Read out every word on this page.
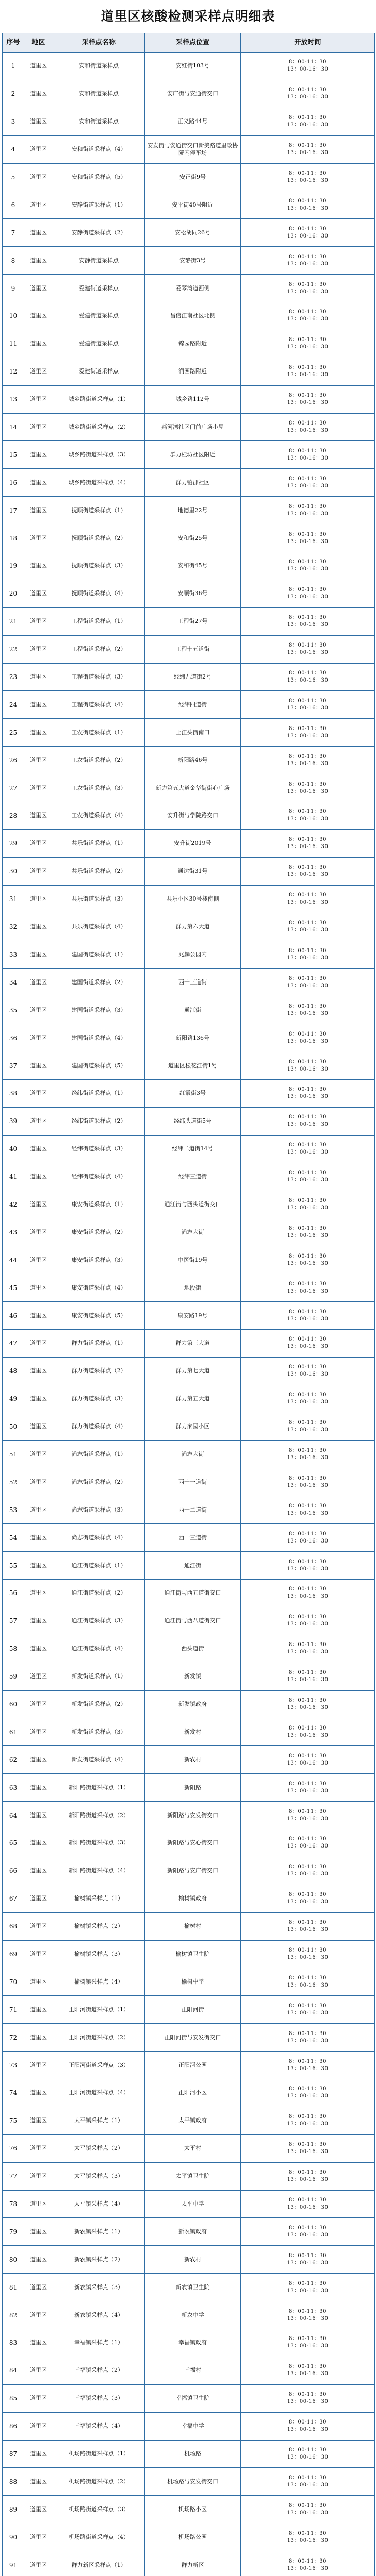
道里区核酸检测采样点明细表
序号	地区	采样点名称	采样点位置	开放时间
1	道里区	安和街道采样点	安红街103号	8：00-11：30
13：00-16：30

2	道里区	安和街道采样点	安广街与安通街交口	8：00-11：30
13：00-16：30

3	道里区	安和街道采样点	正义路44号	8：00-11：30
13：00-16：30

4	道里区	安和街道采样点（4）	安发街与安通街交口新美路道里政协院内停车场	8：00-11：30
13：00-16：30

5	道里区	安和街道采样点（5）	安正街9号	8：00-11：30
13：00-16：30

6	道里区	安静街道采样点（1）	安平街40号附近	8：00-11：30
13：00-16：30

7	道里区	安静街道采样点（2）	安松胡同26号	8：00-11：30
13：00-16：30

8	道里区	安静街道采样点	安静街3号	8：00-11：30
13：00-16：30

9	道里区	爱建街道采样点	爱琴湾道西侧	8：00-11：30
13：00-16：30

10	道里区	爱建街道采样点	昌信江南社区北侧	8：00-11：30
13：00-16：30

11	道里区	爱建街道采样点	锦园路附近	8：00-11：30
13：00-16：30

12	道里区	爱建街道采样点	润园路附近	8：00-11：30
13：00-16：30

13	道里区	城乡路街道采样点（1）	城乡路112号	8：00-11：30
13：00-16：30

14	道里区	城乡路街道采样点（2）	燕河湾社区门前广场小屋	8：00-11：30
13：00-16：30

15	道里区	城乡路街道采样点（3）	群力桂坊社区附近	8：00-11：30
13：00-16：30

16	道里区	城乡路街道采样点（4）	群力铂郡社区	8：00-11：30
13：00-16：30

17	道里区	抚顺街道采样点（1）	地德里22号	8：00-11：30
13：00-16：30

18	道里区	抚顺街道采样点（2）	安和街25号	8：00-11：30
13：00-16：30

19	道里区	抚顺街道采样点（3）	安和街45号	8：00-11：30
13：00-16：30

20	道里区	抚顺街道采样点（4）	安顺街36号	8：00-11：30
13：00-16：30

21	道里区	工程街道采样点（1）	工程街27号	8：00-11：30
13：00-16：30

22	道里区	工程街道采样点（2）	工程十五道街	8：00-11：30
13：00-16：30

23	道里区	工程街道采样点（3）	经纬九道街2号	8：00-11：30
13：00-16：30

24	道里区	工程街道采样点（4）	经纬四道街	8：00-11：30
13：00-16：30

25	道里区	工农街道采样点（1）	上江头街南口	8：00-11：30
13：00-16：30

26	道里区	工农街道采样点（2）	新阳路46号	8：00-11：30
13：00-16：30

27	道里区	工农街道采样点（3）	新力第五大道金华街街心广场	8：00-11：30
13：00-16：30

28	道里区	工农街道采样点（4）	安升街与学院路交口	8：00-11：30
13：00-16：30

29	道里区	共乐街道采样点（1）	安升街2019号	8：00-11：30
13：00-16：30

30	道里区	共乐街道采样点（2）	通达街31号	8：00-11：30
13：00-16：30

31	道里区	共乐街道采样点（3）	共乐小区30号楼南侧	8：00-11：30
13：00-16：30

32	道里区	共乐街道采样点（4）	群力第六大道	8：00-11：30
13：00-16：30

33	道里区	建国街道采样点（1）	兆麟公园内	8：00-11：30
13：00-16：30

34	道里区	建国街道采样点（2）	西十三道街	8：00-11：30
13：00-16：30

35	道里区	建国街道采样点（3）	通江街	8：00-11：30
13：00-16：30

36	道里区	建国街道采样点（4）	新阳路136号	8：00-11：30
13：00-16：30

37	道里区	建国街道采样点（5）	道里区松花江街1号	8：00-11：30
13：00-16：30

38	道里区	经纬街道采样点（1）	红霞街3号	8：00-11：30
13：00-16：30

39	道里区	经纬街道采样点（2）	经纬头道街5号	8：00-11：30
13：00-16：30

40	道里区	经纬街道采样点（3）	经纬二道街14号	8：00-11：30
13：00-16：30

41	道里区	经纬街道采样点（4）	经纬三道街	8：00-11：30
13：00-16：30

42	道里区	康安街道采样点（1）	通江街与西头道街交口	8：00-11：30
13：00-16：30

43	道里区	康安街道采样点（2）	尚志大街	8：00-11：30
13：00-16：30

44	道里区	康安街道采样点（3）	中医街19号	8：00-11：30
13：00-16：30

45	道里区	康安街道采样点（4）	地段街	8：00-11：30
13：00-16：30

46	道里区	康安街道采样点（5）	康安路19号	8：00-11：30
13：00-16：30

47	道里区	群力街道采样点（1）	群力第三大道	8：00-11：30
13：00-16：30

48	道里区	群力街道采样点（2）	群力第七大道	8：00-11：30
13：00-16：30

49	道里区	群力街道采样点（3）	群力第五大道	8：00-11：30
13：00-16：30

50	道里区	群力街道采样点（4）	群力家园小区	8：00-11：30
13：00-16：30

51	道里区	尚志街道采样点（1）	尚志大街	8：00-11：30
13：00-16：30

52	道里区	尚志街道采样点（2）	西十一道街	8：00-11：30
13：00-16：30

53	道里区	尚志街道采样点（3）	西十二道街	8：00-11：30
13：00-16：30

54	道里区	尚志街道采样点（4）	西十三道街	8：00-11：30
13：00-16：30

55	道里区	通江街道采样点（1）	通江街	8：00-11：30
13：00-16：30

56	道里区	通江街道采样点（2）	通江街与西五道街交口	8：00-11：30
13：00-16：30

57	道里区	通江街道采样点（3）	通江街与西八道街交口	8：00-11：30
13：00-16：30

58	道里区	通江街道采样点（4）	西头道街	8：00-11：30
13：00-16：30

59	道里区	新发街道采样点（1）	新发镇	8：00-11：30
13：00-16：30

60	道里区	新发街道采样点（2）	新发镇政府	8：00-11：30
13：00-16：30

61	道里区	新发街道采样点（3）	新发村	8：00-11：30
13：00-16：30

62	道里区	新发街道采样点（4）	新农村	8：00-11：30
13：00-16：30

63	道里区	新阳路街道采样点（1）	新阳路	8：00-11：30
13：00-16：30

64	道里区	新阳路街道采样点（2）	新阳路与安发街交口	8：00-11：30
13：00-16：30

65	道里区	新阳路街道采样点（3）	新阳路与安心街交口	8：00-11：30
13：00-16：30

66	道里区	新阳路街道采样点（4）	新阳路与安广街交口	8：00-11：30
13：00-16：30

67	道里区	榆树镇采样点（1）	榆树镇政府	8：00-11：30
13：00-16：30

68	道里区	榆树镇采样点（2）	榆树村	8：00-11：30
13：00-16：30

69	道里区	榆树镇采样点（3）	榆树镇卫生院	8：00-11：30
13：00-16：30

70	道里区	榆树镇采样点（4）	榆树中学	8：00-11：30
13：00-16：30

71	道里区	正阳河街道采样点（1）	正阳河街	8：00-11：30
13：00-16：30

72	道里区	正阳河街道采样点（2）	正阳河街与安发街交口	8：00-11：30
13：00-16：30

73	道里区	正阳河街道采样点（3）	正阳河公园	8：00-11：30
13：00-16：30

74	道里区	正阳河街道采样点（4）	正阳河小区	8：00-11：30
13：00-16：30

75	道里区	太平镇采样点（1）	太平镇政府	8：00-11：30
13：00-16：30

76	道里区	太平镇采样点（2）	太平村	8：00-11：30
13：00-16：30

77	道里区	太平镇采样点（3）	太平镇卫生院	8：00-11：30
13：00-16：30

78	道里区	太平镇采样点（4）	太平中学	8：00-11：30
13：00-16：30

79	道里区	新农镇采样点（1）	新农镇政府	8：00-11：30
13：00-16：30

80	道里区	新农镇采样点（2）	新农村	8：00-11：30
13：00-16：30

81	道里区	新农镇采样点（3）	新农镇卫生院	8：00-11：30
13：00-16：30

82	道里区	新农镇采样点（4）	新农中学	8：00-11：30
13：00-16：30

83	道里区	幸福镇采样点（1）	幸福镇政府	8：00-11：30
13：00-16：30

84	道里区	幸福镇采样点（2）	幸福村	8：00-11：30
13：00-16：30

85	道里区	幸福镇采样点（3）	幸福镇卫生院	8：00-11：30
13：00-16：30

86	道里区	幸福镇采样点（4）	幸福中学	8：00-11：30
13：00-16：30

87	道里区	机场路街道采样点（1）	机场路	8：00-11：30
13：00-16：30

88	道里区	机场路街道采样点（2）	机场路与安发街交口	8：00-11：30
13：00-16：30

89	道里区	机场路街道采样点（3）	机场路小区	8：00-11：30
13：00-16：30

90	道里区	机场路街道采样点（4）	机场路公园	8：00-11：30
13：00-16：30

91	道里区	群力新区采样点（1）	群力新区	8：00-11：30
13：00-16：30
